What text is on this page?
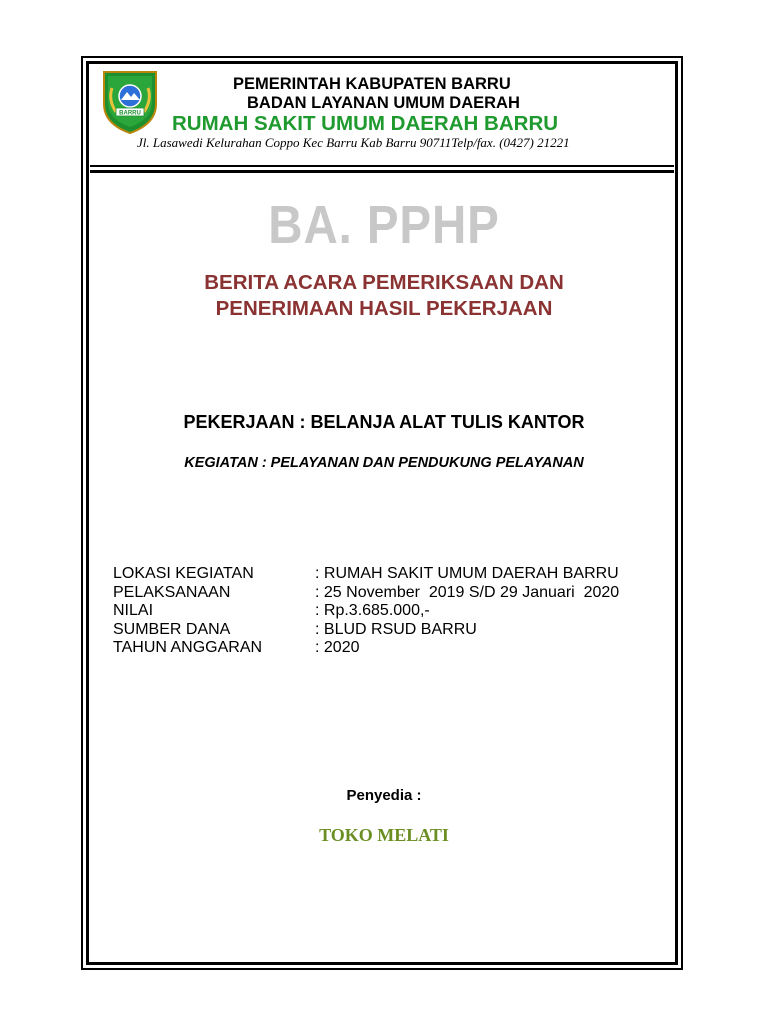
BARRU
PEMERINTAH KABUPATEN BARRU
BADAN LAYANAN UMUM DAERAH
RUMAH SAKIT UMUM DAERAH BARRU
Jl. Lasawedi Kelurahan Coppo Kec Barru Kab Barru 90711Telp/fax. (0427) 21221
BA. PPHP
BERITA ACARA PEMERIKSAAN DAN
PENERIMAAN HASIL PEKERJAAN
PEKERJAAN : BELANJA ALAT TULIS KANTOR
KEGIATAN : PELAYANAN DAN PENDUKUNG PELAYANAN
LOKASI KEGIATAN	: RUMAH SAKIT UMUM DAERAH BARRU
PELAKSANAAN	: 25 November  2019 S/D 29 Januari  2020
NILAI	: Rp.3.685.000,-
SUMBER DANA	: BLUD RSUD BARRU
TAHUN ANGGARAN	: 2020
Penyedia :
TOKO MELATI
